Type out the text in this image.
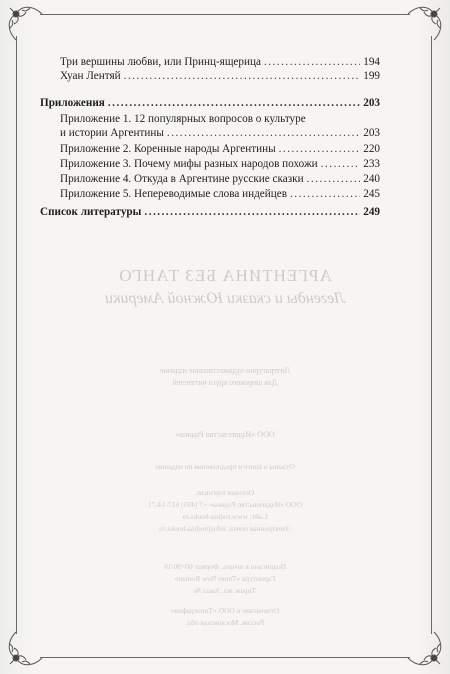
АРГЕНТИНА БЕЗ ТАНГО
Легенды и сказки Южной Америки
Литературно-художественное издание
Для широкого круга читателей
ООО «Издательство Родина»
Отзывы о книге и предложения по изданию
Оптовая торговля:
ООО «Издательство Родина» +7 (495) 617-14-71
Сайт: www.rodina-books.ru
Электронная почта: info@rodina-books.ru
Подписано в печать. Формат 60×90/16
Гарнитура «Times New Roman»
Тираж экз. Заказ №
Отпечатано в ООО «Типография»
Россия, Московская обл.
Три вершины любви, или Принц-ящерица .....	194
Хуан Лентяй .....	199
Приложения .....	203
Приложение 1. 12 популярных вопросов о культуре
и истории Аргентины .....	203
Приложение 2. Коренные народы Аргентины .....	220
Приложение 3. Почему мифы разных народов похожи .....	233
Приложение 4. Откуда в Аргентине русские сказки .....	240
Приложение 5. Непереводимые слова индейцев .....	245
Список литературы .....	249
